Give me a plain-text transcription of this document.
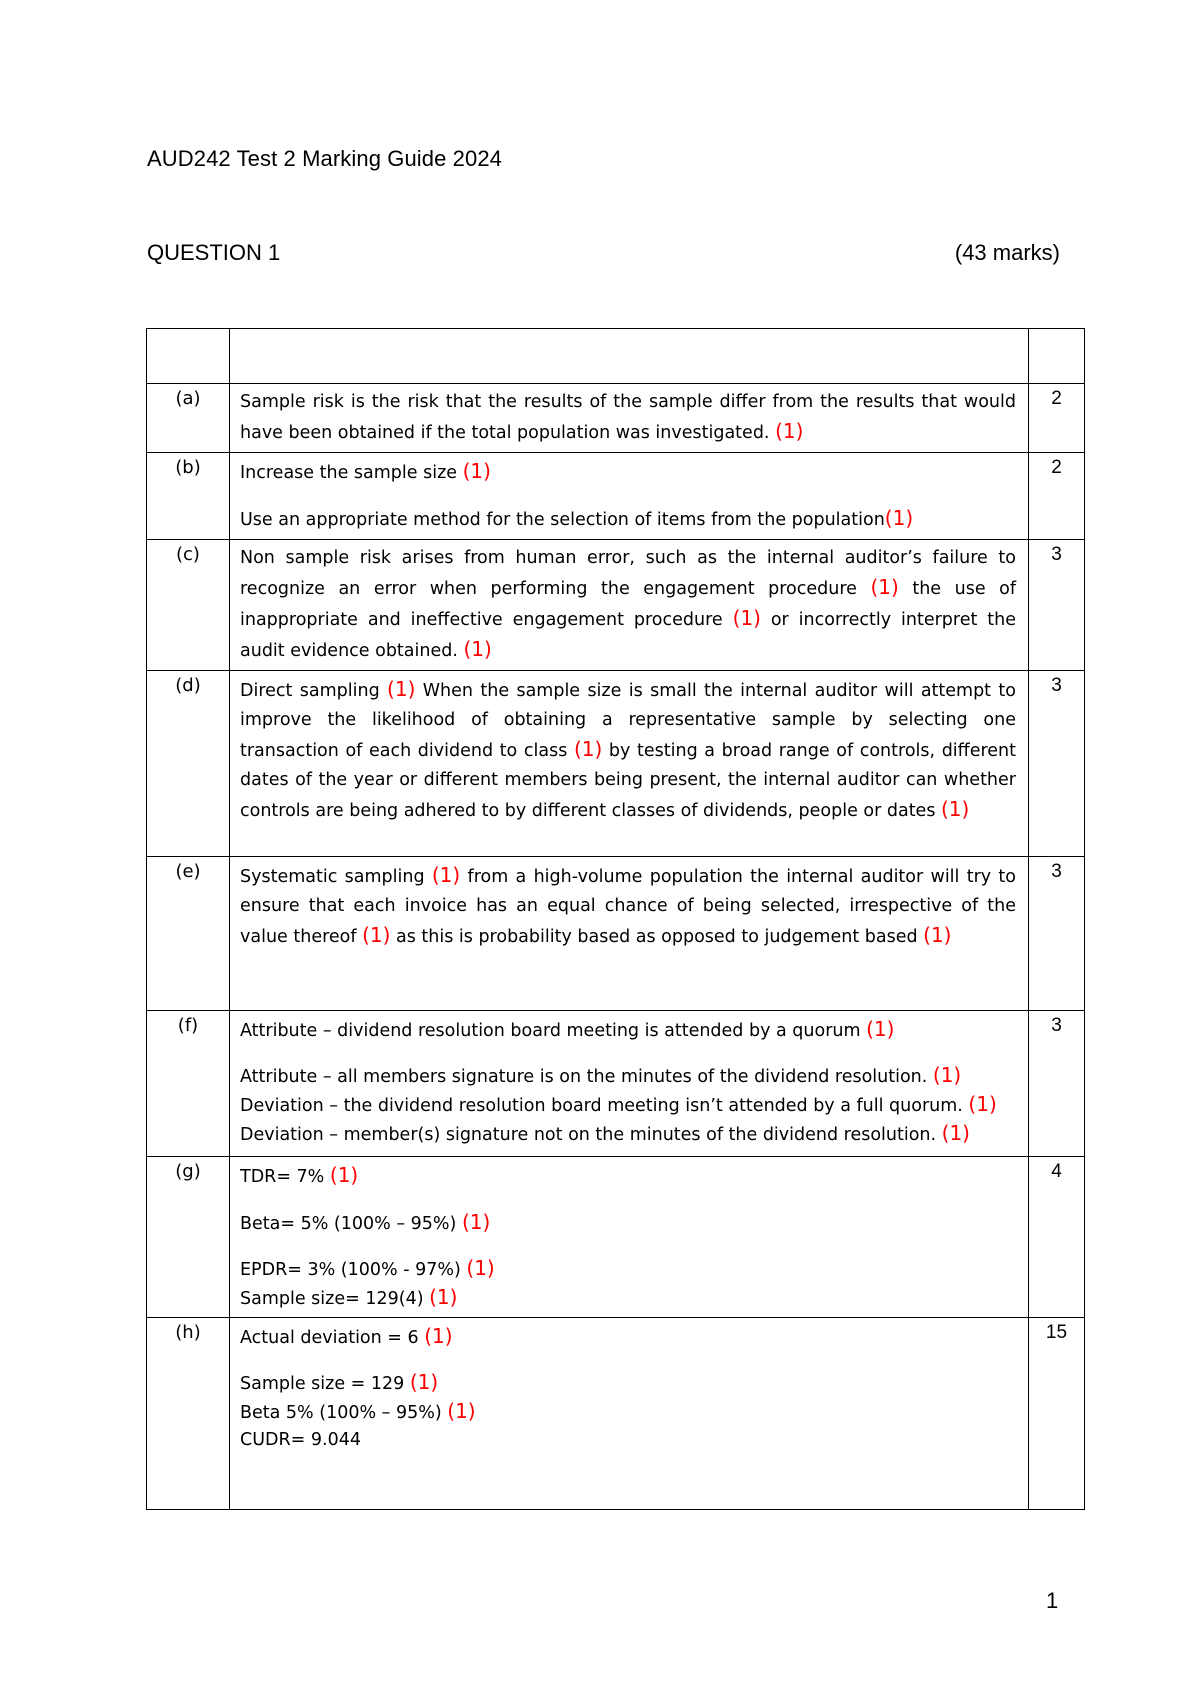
AUD242 Test 2 Marking Guide 2024
QUESTION 1	(43 marks)

(a)	Sample risk is the risk that the results of the sample differ from the results that would have been obtained if the total population was investigated. (1)	2
(b)	Increase the sample size (1)

Use an appropriate method for the selection of items from the population(1)	2
(c)	Non sample risk arises from human error, such as the internal auditor’s failure to recognize an error when performing the engagement procedure (1) the use of inappropriate and ineffective engagement procedure (1) or incorrectly interpret the audit evidence obtained. (1)	3
(d)	Direct sampling (1) When the sample size is small the internal auditor will attempt to improve the likelihood of obtaining a representative sample by selecting one transaction of each dividend to class (1) by testing a broad range of controls, different dates of the year or different members being present, the internal auditor can whether controls are being adhered to by different classes of dividends, people or dates (1)	3
(e)	Systematic sampling (1) from a high-volume population the internal auditor will try to ensure that each invoice has an equal chance of being selected, irrespective of the value thereof (1) as this is probability based as opposed to judgement based (1)	3
(f)	Attribute – dividend resolution board meeting is attended by a quorum (1)

Attribute – all members signature is on the minutes of the dividend resolution. (1)

Deviation – the dividend resolution board meeting isn’t attended by a full quorum. (1)

Deviation – member(s) signature not on the minutes of the dividend resolution. (1)	3
(g)	TDR= 7% (1)

Beta= 5% (100% – 95%) (1)

EPDR= 3% (100% - 97%) (1)

Sample size= 129(4) (1)	4
(h)	Actual deviation = 6 (1)

Sample size = 129 (1)

Beta 5% (100% – 95%) (1)

CUDR= 9.044	15
1
